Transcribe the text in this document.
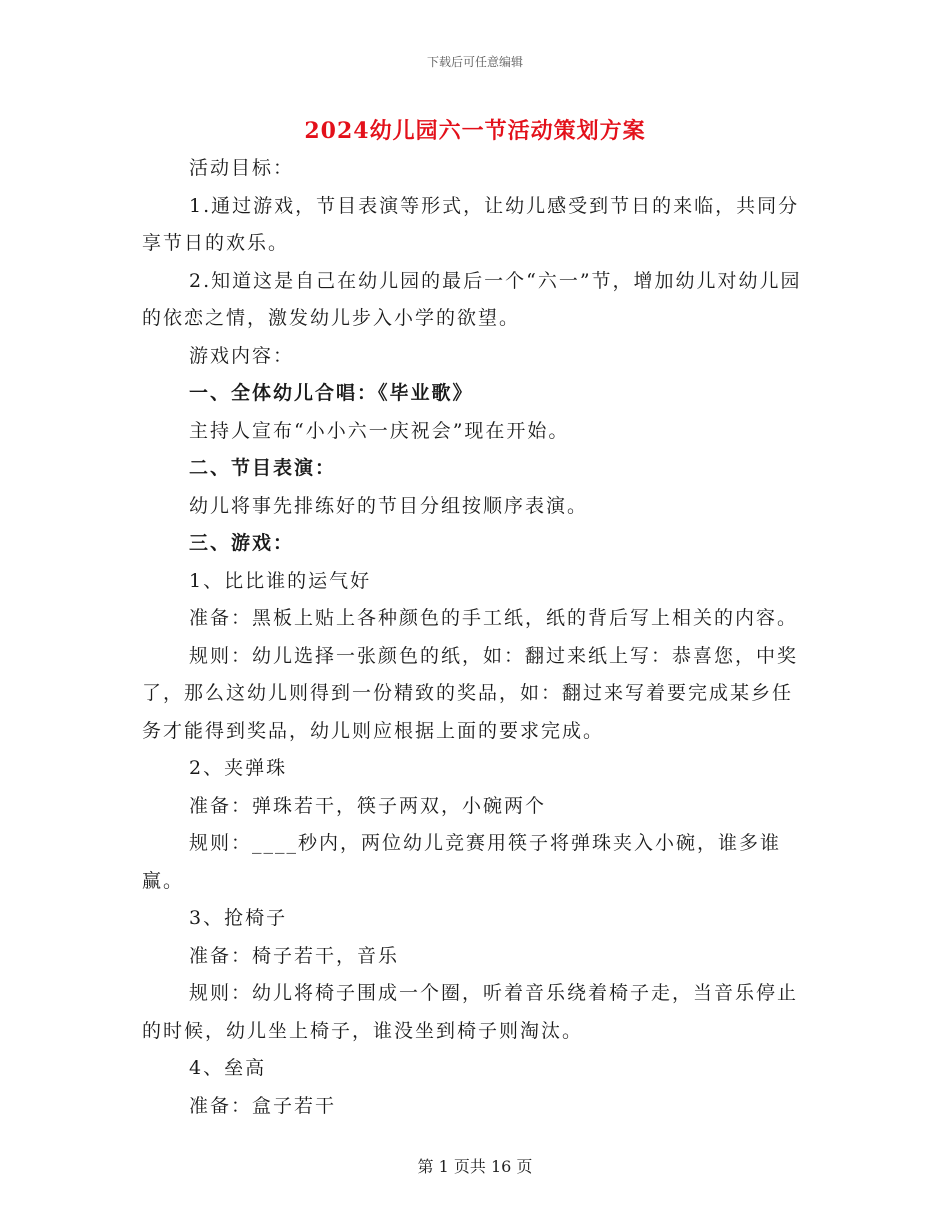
下载后可任意编辑
2024幼儿园六一节活动策划方案

活动目标：

1.通过游戏，节目表演等形式，让幼儿感受到节日的来临，共同分享节日的欢乐。

2.知道这是自己在幼儿园的最后一个“六一”节，增加幼儿对幼儿园的依恋之情，激发幼儿步入小学的欲望。

游戏内容：

一、全体幼儿合唱：《毕业歌》

主持人宣布“小小六一庆祝会”现在开始。

二、节目表演：

幼儿将事先排练好的节目分组按顺序表演。

三、游戏：

1、比比谁的运气好

准备：黑板上贴上各种颜色的手工纸，纸的背后写上相关的内容。

规则：幼儿选择一张颜色的纸，如：翻过来纸上写：恭喜您，中奖了，那么这幼儿则得到一份精致的奖品，如：翻过来写着要完成某乡任务才能得到奖品，幼儿则应根据上面的要求完成。

2、夹弹珠

准备：弹珠若干，筷子两双，小碗两个

规则：____秒内，两位幼儿竞赛用筷子将弹珠夹入小碗，谁多谁赢。

3、抢椅子

准备：椅子若干，音乐

规则：幼儿将椅子围成一个圈，听着音乐绕着椅子走，当音乐停止的时候，幼儿坐上椅子，谁没坐到椅子则淘汰。

4、垒高

准备：盒子若干

第 1 页共 16 页
